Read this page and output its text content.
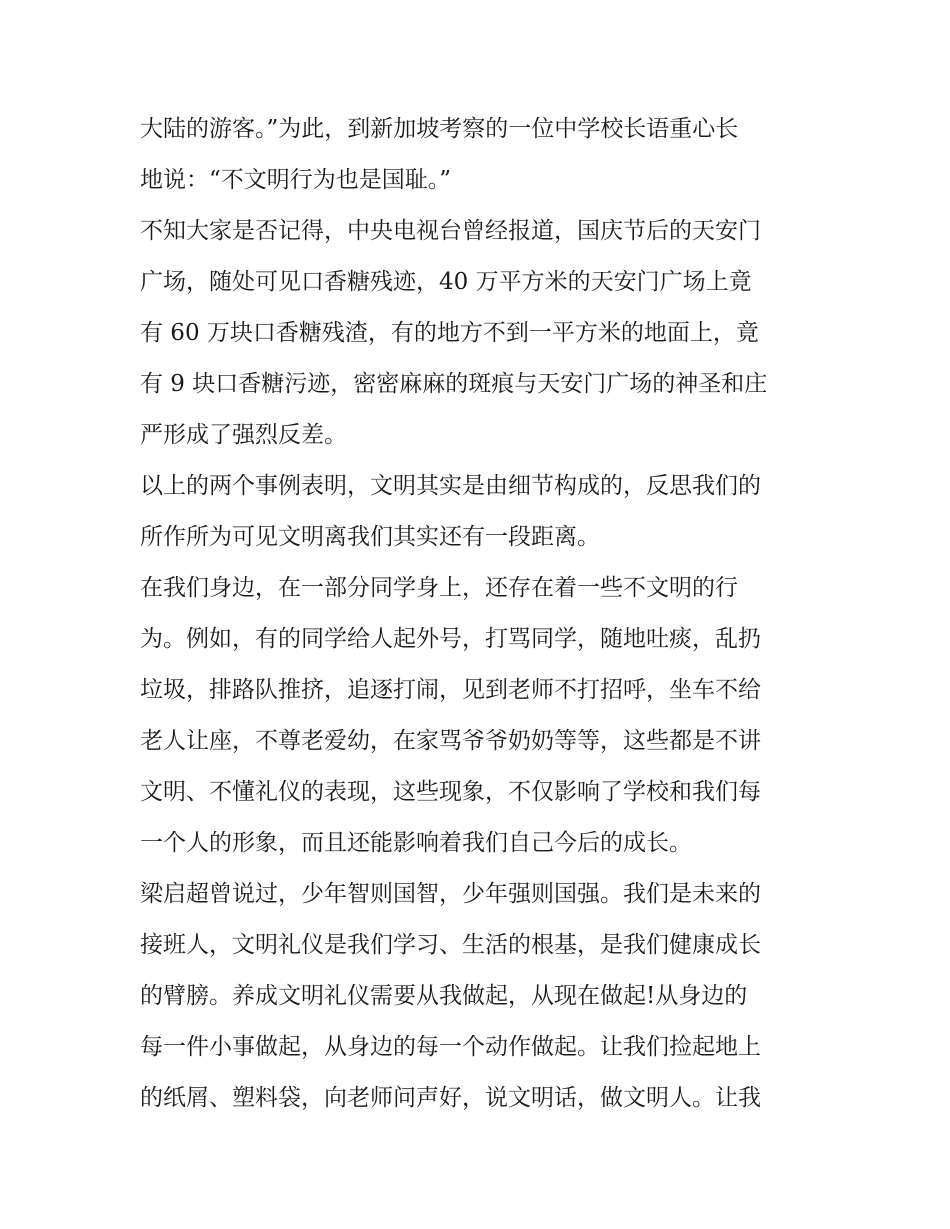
大陆的游客。”为此，到新加坡考察的一位中学校长语重心长
地说：“不文明行为也是国耻。”
不知大家是否记得，中央电视台曾经报道，国庆节后的天安门
广场，随处可见口香糖残迹，40 万平方米的天安门广场上竟
有 60 万块口香糖残渣，有的地方不到一平方米的地面上，竟
有 9 块口香糖污迹，密密麻麻的斑痕与天安门广场的神圣和庄
严形成了强烈反差。
以上的两个事例表明，文明其实是由细节构成的，反思我们的
所作所为可见文明离我们其实还有一段距离。
在我们身边，在一部分同学身上，还存在着一些不文明的行
为。例如，有的同学给人起外号，打骂同学，随地吐痰，乱扔
垃圾，排路队推挤，追逐打闹，见到老师不打招呼，坐车不给
老人让座，不尊老爱幼，在家骂爷爷奶奶等等，这些都是不讲
文明、不懂礼仪的表现，这些现象，不仅影响了学校和我们每
一个人的形象，而且还能影响着我们自己今后的成长。
梁启超曾说过，少年智则国智，少年强则国强。我们是未来的
接班人，文明礼仪是我们学习、生活的根基，是我们健康成长
的臂膀。养成文明礼仪需要从我做起，从现在做起!从身边的
每一件小事做起，从身边的每一个动作做起。让我们捡起地上
的纸屑、塑料袋，向老师问声好，说文明话，做文明人。让我
